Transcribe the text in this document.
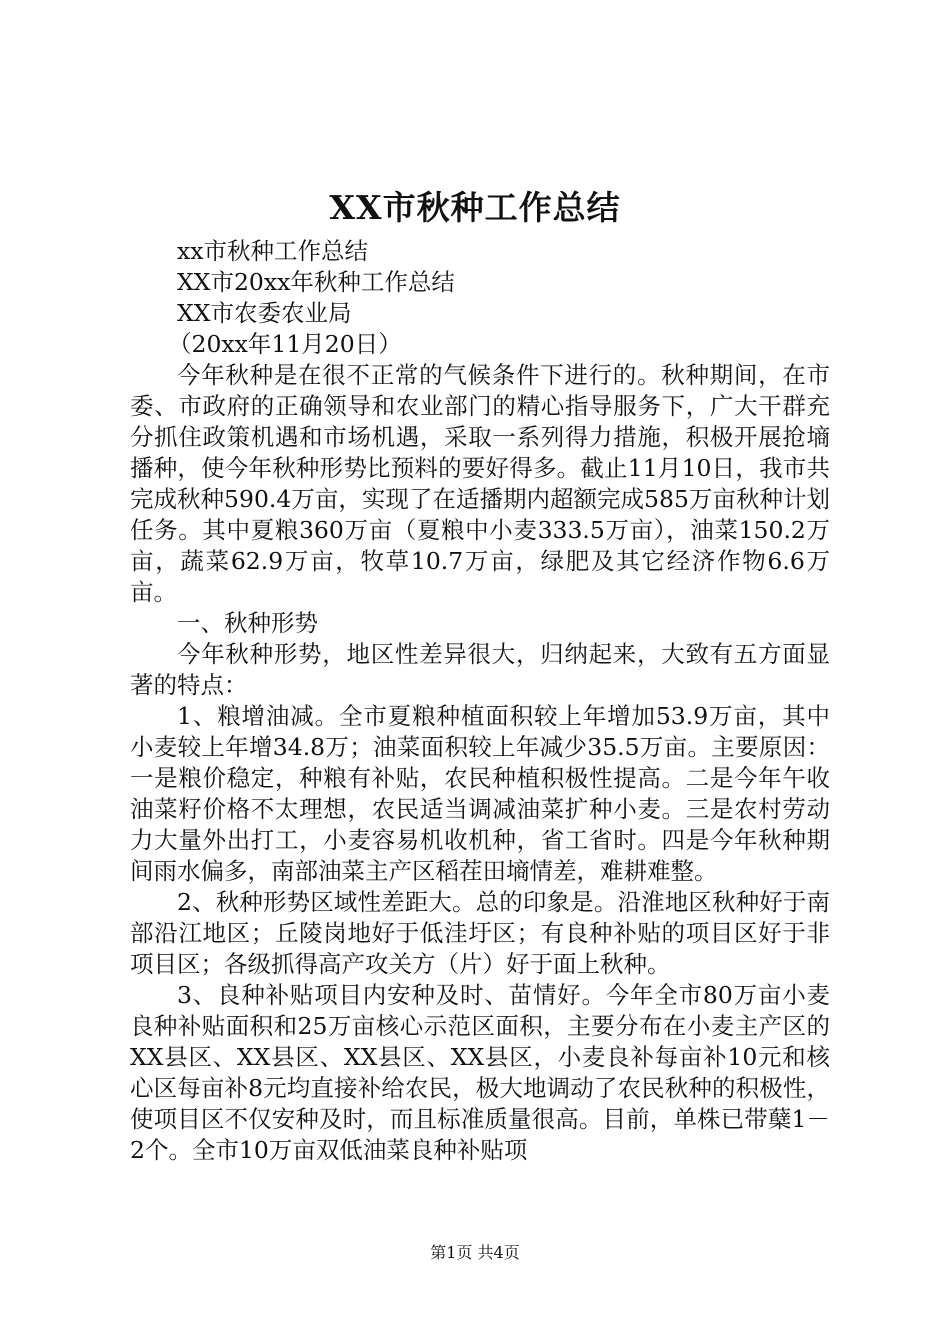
XX市秋种工作总结

xx市秋种工作总结

XX市20xx年秋种工作总结

XX市农委农业局

（20xx年11月20日）

今年秋种是在很不正常的气候条件下进行的。秋种期间，在市委、市政府的正确领导和农业部门的精心指导服务下，广大干群充分抓住政策机遇和市场机遇，采取一系列得力措施，积极开展抢墒播种，使今年秋种形势比预料的要好得多。截止11月10日，我市共完成秋种590.4万亩，实现了在适播期内超额完成585万亩秋种计划任务。其中夏粮360万亩（夏粮中小麦333.5万亩），油菜150.2万亩，蔬菜62.9万亩，牧草10.7万亩，绿肥及其它经济作物6.6万亩。

一、秋种形势

今年秋种形势，地区性差异很大，归纳起来，大致有五方面显著的特点：

1、粮增油减。全市夏粮种植面积较上年增加53.9万亩，其中小麦较上年增34.8万；油菜面积较上年减少35.5万亩。主要原因：一是粮价稳定，种粮有补贴，农民种植积极性提高。二是今年午收油菜籽价格不太理想，农民适当调减油菜扩种小麦。三是农村劳动力大量外出打工，小麦容易机收机种，省工省时。四是今年秋种期间雨水偏多，南部油菜主产区稻茬田墒情差，难耕难整。

2、秋种形势区域性差距大。总的印象是。沿淮地区秋种好于南部沿江地区；丘陵岗地好于低洼圩区；有良种补贴的项目区好于非项目区；各级抓得高产攻关方（片）好于面上秋种。

3、良种补贴项目内安种及时、苗情好。今年全市80万亩小麦良种补贴面积和25万亩核心示范区面积，主要分布在小麦主产区的XX县区、XX县区、XX县区、XX县区，小麦良补每亩补10元和核心区每亩补8元均直接补给农民，极大地调动了农民秋种的积极性，使项目区不仅安种及时，而且标准质量很高。目前，单株已带蘖1－2个。全市10万亩双低油菜良种补贴项

第1页 共4页
